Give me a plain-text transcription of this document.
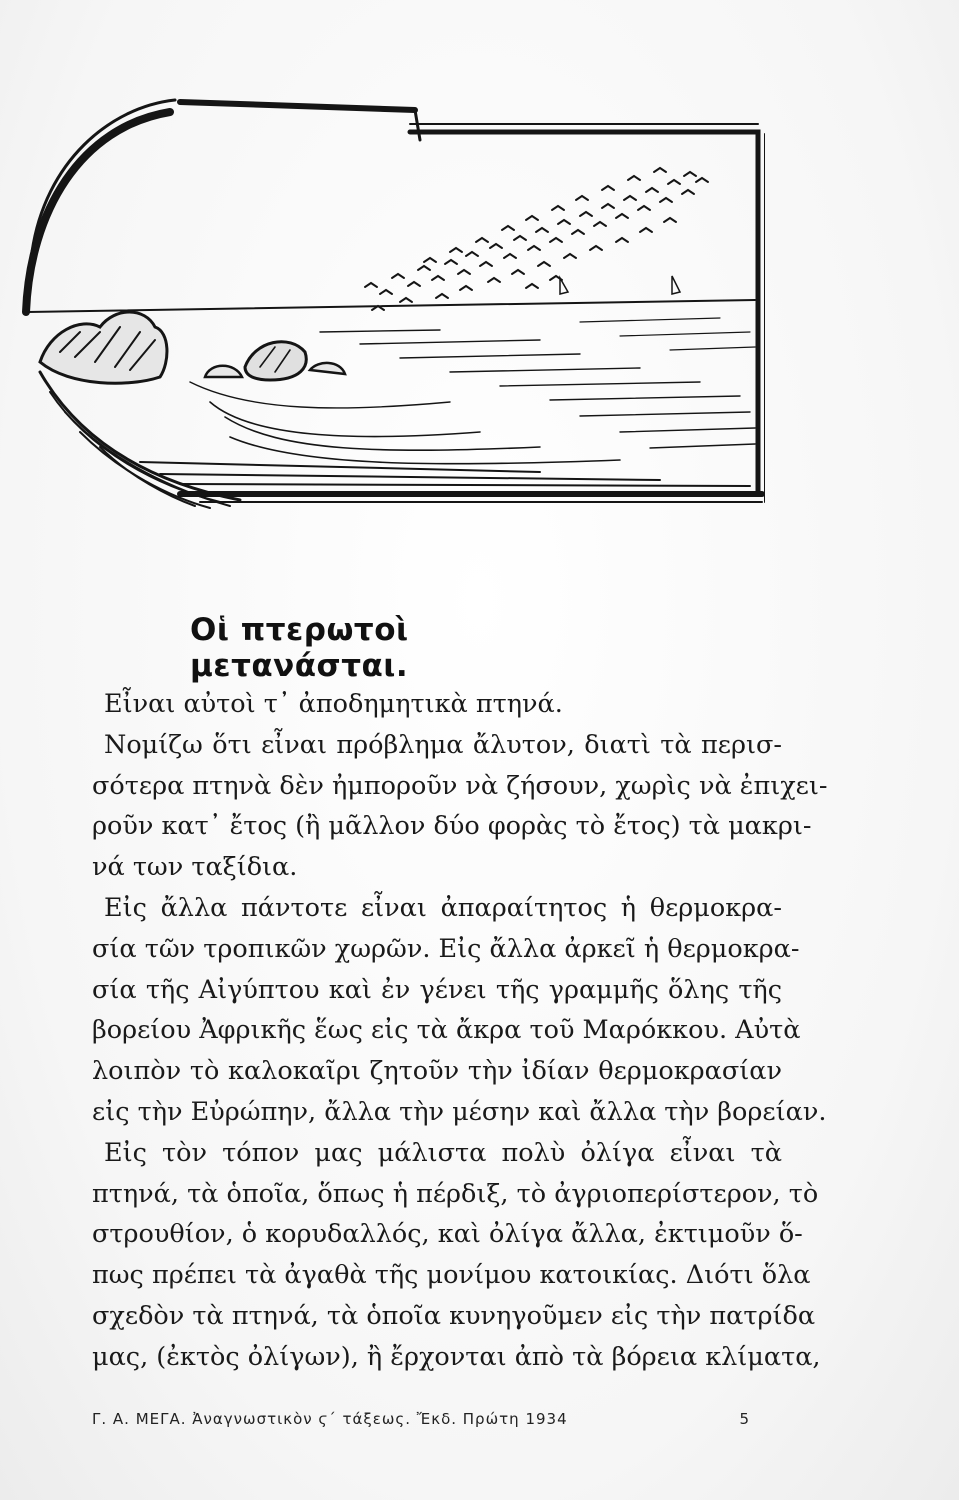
Οἱ πτερωτοὶ μετανάσται.

Εἶναι αὐτοὶ τ᾽ ἀποδημητικὰ πτηνά.

Νομίζω ὅτι εἶναι πρόβλημα ἄλυτον, διατὶ τὰ περισ-
σότερα πτηνὰ δὲν ἠμποροῦν νὰ ζήσουν, χωρὶς νὰ ἐπιχει-
ροῦν κατ᾽ ἔτος (ἢ μᾶλλον δύο φορὰς τὸ ἔτος) τὰ μακρι-
νά των ταξίδια.

Εἰς ἄλλα πάντοτε εἶναι ἀπαραίτητος ἡ θερμοκρα-
σία τῶν τροπικῶν χωρῶν. Εἰς ἄλλα ἀρκεῖ ἡ θερμοκρα-
σία τῆς Αἰγύπτου καὶ ἐν γένει τῆς γραμμῆς ὅλης τῆς
βορείου Ἀφρικῆς ἕως εἰς τὰ ἄκρα τοῦ Μαρόκκου. Αὐτὰ
λοιπὸν τὸ καλοκαῖρι ζητοῦν τὴν ἰδίαν θερμοκρασίαν
εἰς τὴν Εὐρώπην, ἄλλα τὴν μέσην καὶ ἄλλα τὴν βορείαν.

Εἰς τὸν τόπον μας μάλιστα πολὺ ὀλίγα εἶναι τὰ
πτηνά, τὰ ὁποῖα, ὅπως ἡ πέρδιξ, τὸ ἀγριοπερίστερον, τὸ
στρουθίον, ὁ κορυδαλλός, καὶ ὀλίγα ἄλλα, ἐκτιμοῦν ὅ-
πως πρέπει τὰ ἀγαθὰ τῆς μονίμου κατοικίας. Διότι ὅλα
σχεδὸν τὰ πτηνά, τὰ ὁποῖα κυνηγοῦμεν εἰς τὴν πατρίδα
μας, (ἐκτὸς ὀλίγων), ἢ ἔρχονται ἀπὸ τὰ βόρεια κλίματα,

Γ. Α. ΜΕΓΑ. Ἀναγνωστικὸν ϛ´ τάξεως. Ἔκδ. Πρώτη 1934	5
